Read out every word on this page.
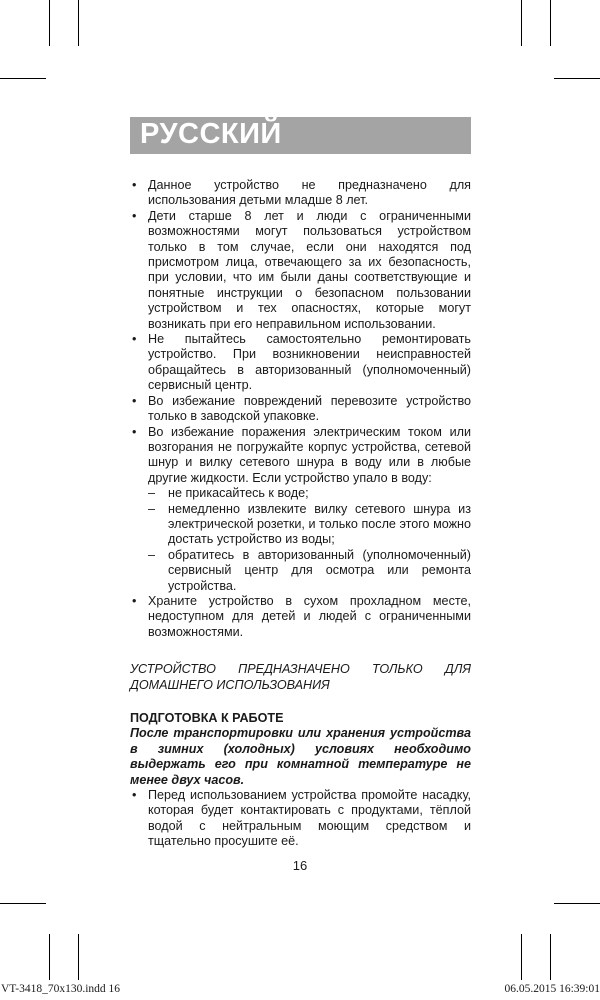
РУССКИЙ
• Данное устройство не предназначено для использования детьми младше 8 лет.
• Дети старше 8 лет и люди с ограниченными возможностями могут пользоваться устройством только в том случае, если они находятся под присмотром лица, отвечающего за их безопасность, при условии, что им были даны соответствующие и понятные инструкции о безопасном пользовании устройством и тех опасностях, которые могут возникать при его неправильном использовании.
• Не пытайтесь самостоятельно ремонтировать устройство. При возникновении неисправностей обращайтесь в авторизованный (уполномоченный) сервисный центр.
• Во избежание повреждений перевозите устройство только в заводской упаковке.
• Во избежание поражения электрическим током или возгорания не погружайте корпус устройства, сетевой шнур и вилку сетевого шнура в воду или в любые другие жидкости. Если устройство упало в воду:
– не прикасайтесь к воде;
– немедленно извлеките вилку сетевого шнура из электрической розетки, и только после этого можно достать устройство из воды;
– обратитесь в авторизованный (уполномоченный) сервисный центр для осмотра или ремонта устройства.
• Храните устройство в сухом прохладном месте, недоступном для детей и людей с ограниченными возможностями.
УСТРОЙСТВО ПРЕДНАЗНАЧЕНО ТОЛЬКО ДЛЯ
ДОМАШНЕГО ИСПОЛЬЗОВАНИЯ
ПОДГОТОВКА К РАБОТЕ
После транспортировки или хранения устройства в зимних (холодных) условиях необходимо выдержать его при комнатной температуре не менее двух часов.
• Перед использованием устройства промойте насадку, которая будет контактировать с продуктами, тёплой водой с нейтральным моющим средством и тщательно просушите её.
16
VT-3418_70x130.indd 16	06.05.2015 16:39:01
